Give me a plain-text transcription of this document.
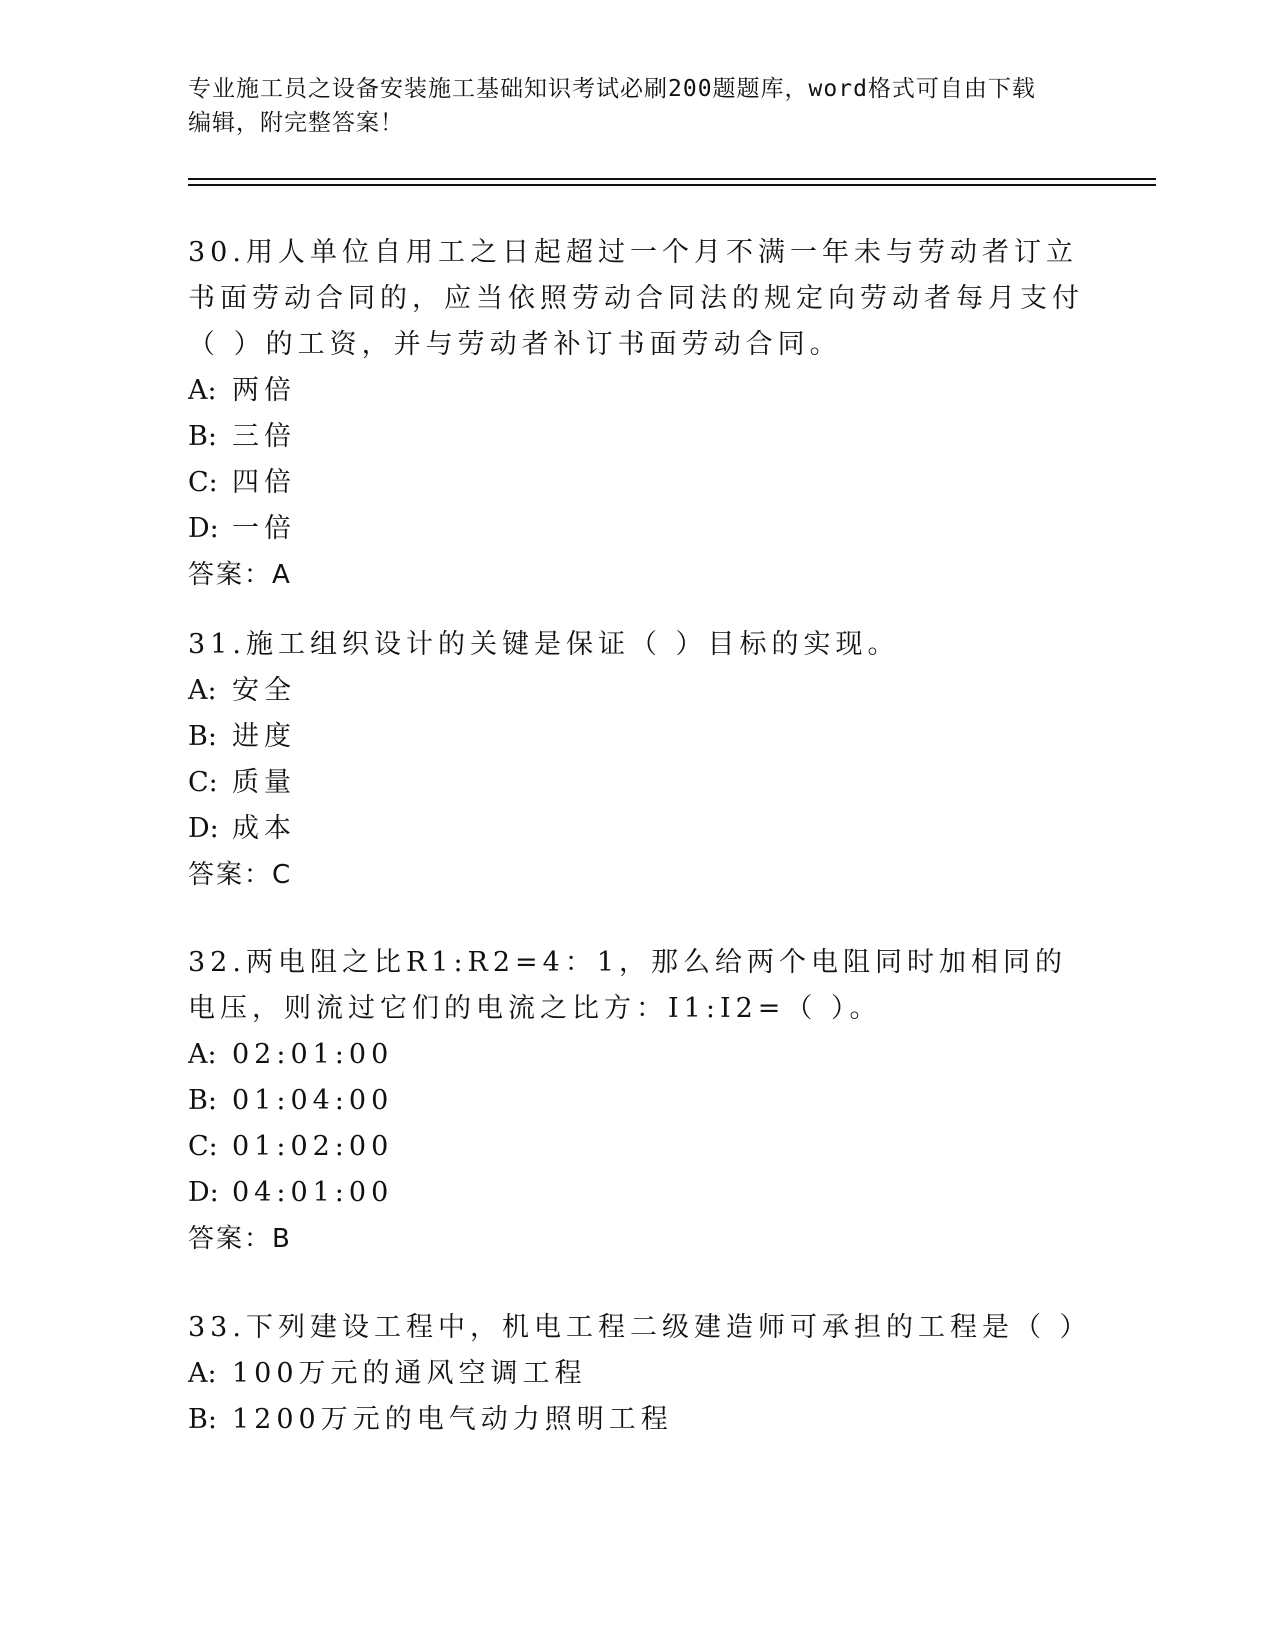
专业施工员之设备安装施工基础知识考试必刷200题题库，word格式可自由下载
编辑，附完整答案！

30.用人单位自用工之日起超过一个月不满一年未与劳动者订立书面劳动合同的，应当依照劳动合同法的规定向劳动者每月支付（ ）的工资，并与劳动者补订书面劳动合同。

A: 两倍

B: 三倍

C: 四倍

D: 一倍

答案：A

31.施工组织设计的关键是保证（ ）目标的实现。

A: 安全

B: 进度

C: 质量

D: 成本

答案：C

32.两电阻之比R1:R2=4：1，那么给两个电阻同时加相同的电压，则流过它们的电流之比方：I1:I2=（ ）。

A: 02:01:00

B: 01:04:00

C: 01:02:00

D: 04:01:00

答案：B

33.下列建设工程中，机电工程二级建造师可承担的工程是（ ）

A: 100万元的通风空调工程

B: 1200万元的电气动力照明工程
